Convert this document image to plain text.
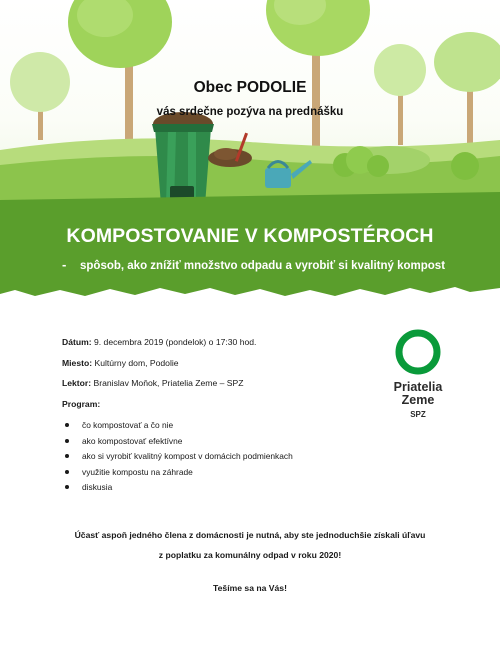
Obec PODOLIE
vás srdečne pozýva na prednášku
KOMPOSTOVANIE V KOMPOSTÉROCH
- spôsob, ako znížiť množstvo odpadu a vyrobiť si kvalitný kompost
Dátum: 9. decembra 2019 (pondelok) o 17:30 hod.
Miesto: Kultúrny dom, Podolie
Lektor: Branislav Moňok, Priatelia Zeme – SPZ
Program:
čo kompostovať a čo nie
ako kompostovať efektívne
ako si vyrobiť kvalitný kompost v domácich podmienkach
využitie kompostu na záhrade
diskusia
Priatelia
Zeme
SPZ
Účasť aspoň jedného člena z domácnosti je nutná, aby ste jednoduchšie získali úľavu
z poplatku za komunálny odpad v roku 2020!
Tešíme sa na Vás!
